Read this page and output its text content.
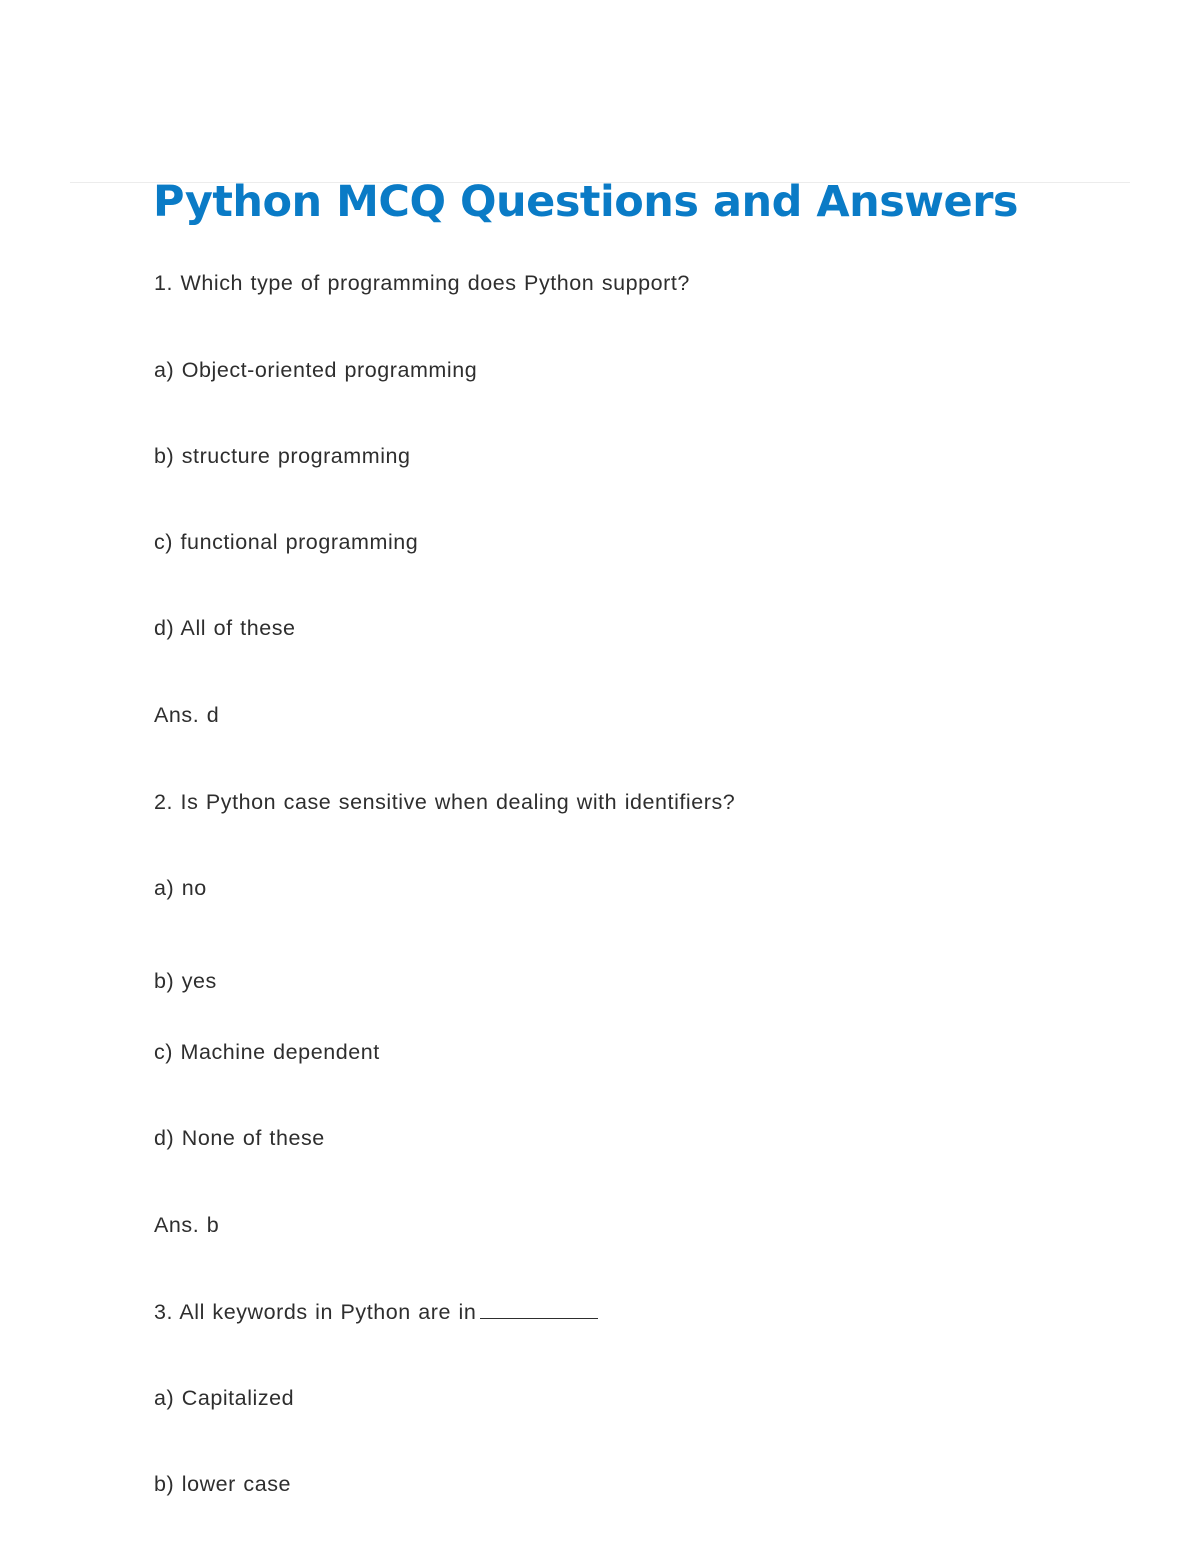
Python MCQ Questions and Answers

1. Which type of programming does Python support?

a) Object-oriented programming

b) structure programming

c) functional programming

d) All of these

Ans. d

2. Is Python case sensitive when dealing with identifiers?

a) no

b) yes

c) Machine dependent

d) None of these

Ans. b

3. All keywords in Python are in

a) Capitalized

b) lower case
